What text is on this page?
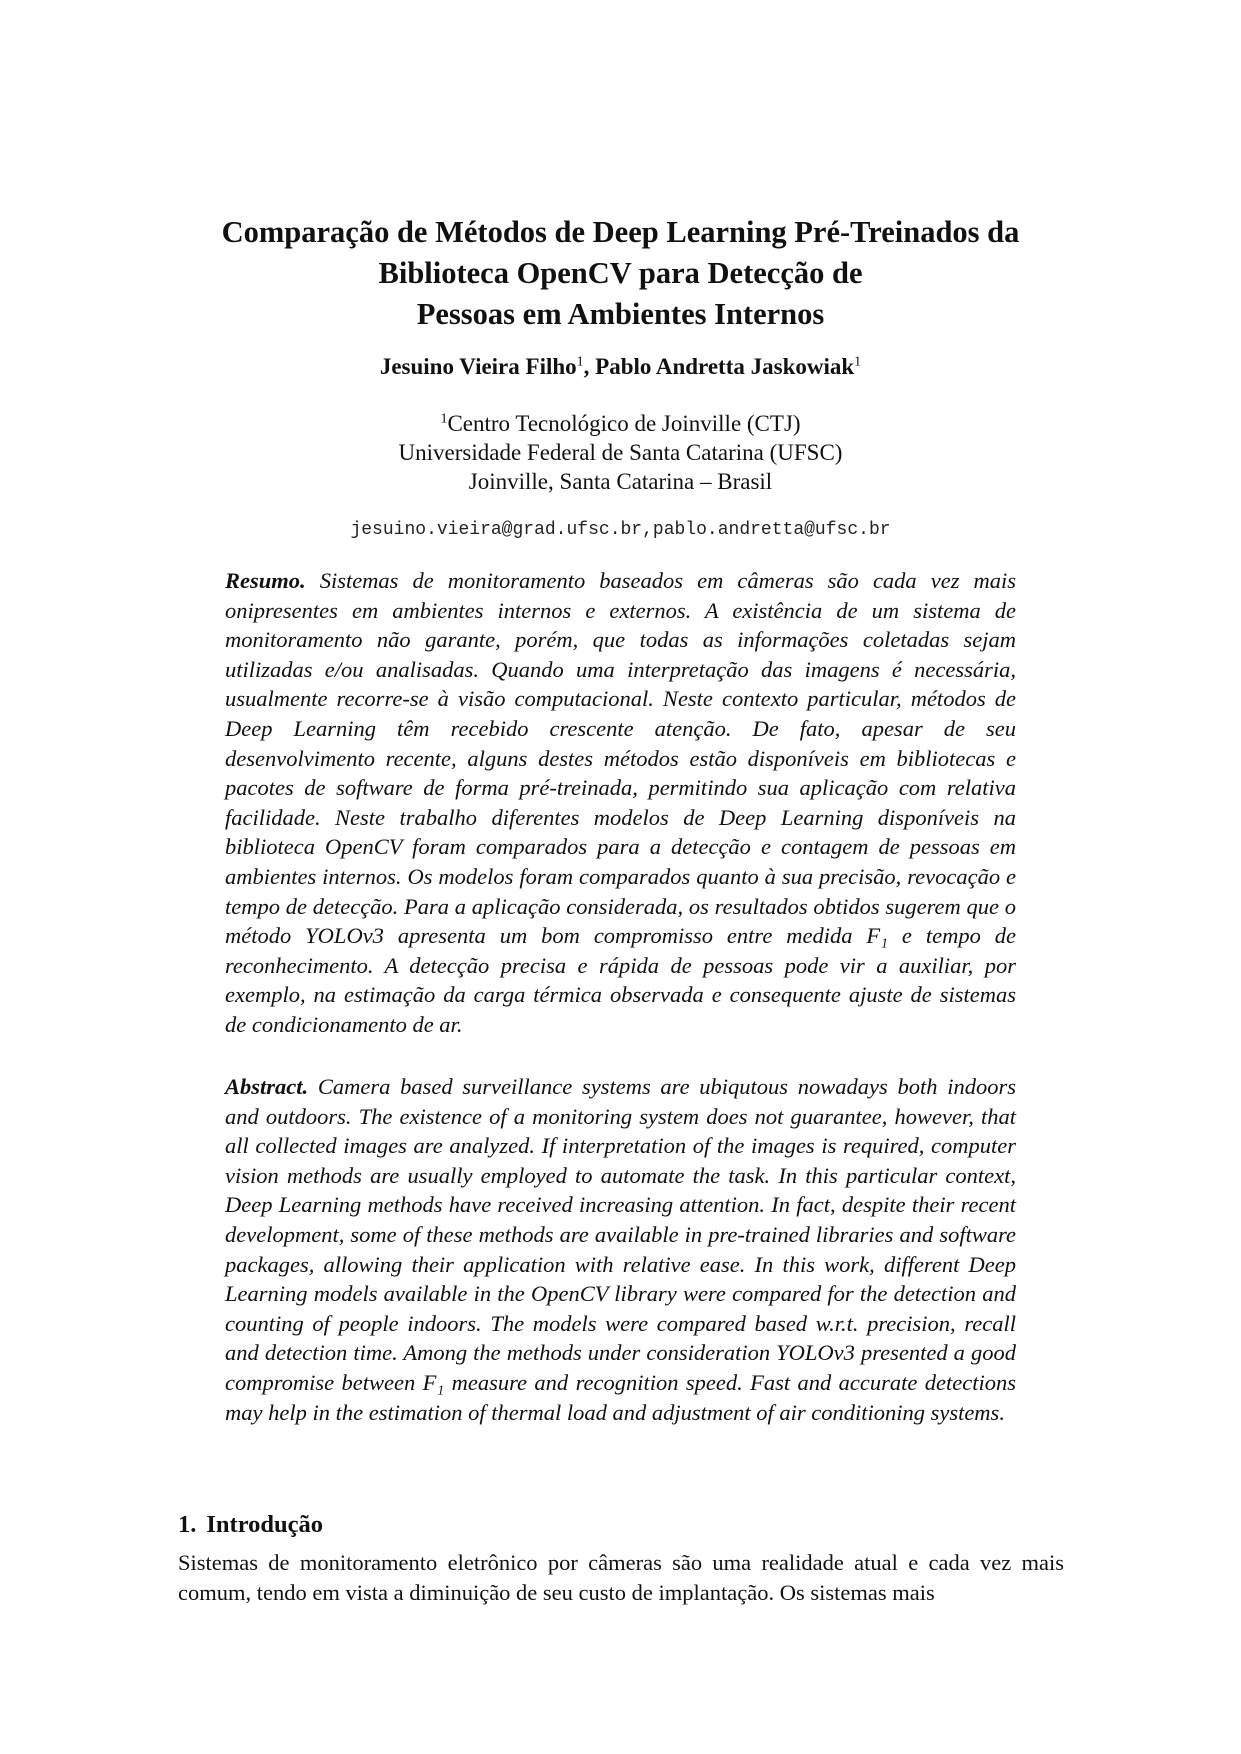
Comparação de Métodos de Deep Learning Pré-Treinados da
Biblioteca OpenCV para Detecção de
Pessoas em Ambientes Internos
Jesuino Vieira Filho$^1$, Pablo Andretta Jaskowiak$^1$
$^1$Centro Tecnológico de Joinville (CTJ)
Universidade Federal de Santa Catarina (UFSC)
Joinville, Santa Catarina – Brasil
jesuino.vieira@grad.ufsc.br,pablo.andretta@ufsc.br

Resumo. Sistemas de monitoramento baseados em câmeras são cada vez mais onipresentes em ambientes internos e externos. A existência de um sistema de monitoramento não garante, porém, que todas as informações coletadas sejam utilizadas e/ou analisadas. Quando uma interpretação das imagens é necessária, usualmente recorre-se à visão computacional. Neste contexto particular, métodos de Deep Learning têm recebido crescente atenção. De fato, apesar de seu desenvolvimento recente, alguns destes métodos estão disponíveis em bibliotecas e pacotes de software de forma pré-treinada, permitindo sua aplicação com relativa facilidade. Neste trabalho diferentes modelos de Deep Learning disponíveis na biblioteca OpenCV foram comparados para a detecção e contagem de pessoas em ambientes internos. Os modelos foram comparados quanto à sua precisão, revocação e tempo de detecção. Para a aplicação considerada, os resultados obtidos sugerem que o método YOLOv3 apresenta um bom compromisso entre medida F₁ e tempo de reconhecimento. A detecção precisa e rápida de pessoas pode vir a auxiliar, por exemplo, na estimação da carga térmica observada e consequente ajuste de sistemas de condicionamento de ar.

Abstract. Camera based surveillance systems are ubiqutous nowadays both indoors and outdoors. The existence of a monitoring system does not guarantee, however, that all collected images are analyzed. If interpretation of the images is required, computer vision methods are usually employed to automate the task. In this particular context, Deep Learning methods have received increasing attention. In fact, despite their recent development, some of these methods are available in pre-trained libraries and software packages, allowing their application with relative ease. In this work, different Deep Learning models available in the OpenCV library were compared for the detection and counting of people indoors. The models were compared based w.r.t. precision, recall and detection time. Among the methods under consideration YOLOv3 presented a good compromise between F₁ measure and recognition speed. Fast and accurate detections may help in the estimation of thermal load and adjustment of air conditioning systems.

1. Introdução

Sistemas de monitoramento eletrônico por câmeras são uma realidade atual e cada vez mais comum, tendo em vista a diminuição de seu custo de implantação. Os sistemas mais
